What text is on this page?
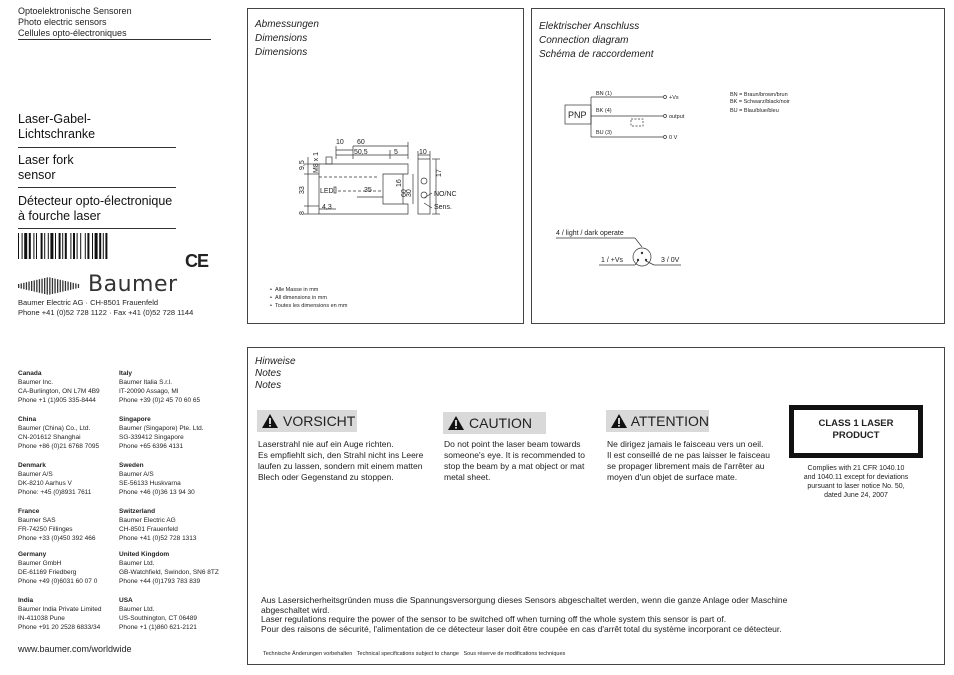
Optoelektronische Sensoren
Photo electric sensors
Cellules opto-électroniques
Laser-Gabel-
Lichtschranke
Laser fork
sensor
Détecteur opto-électronique
à fourche laser
CE
Baumer
Baumer Electric AG · CH-8501 Frauenfeld
Phone +41 (0)52 728 1122 · Fax +41 (0)52 728 1144
Canada
Baumer Inc.
CA-Burlington, ON L7M 4B9
Phone +1 (1)905 335-8444
Italy
Baumer Italia S.r.l.
IT-20090 Assago, MI
Phone +39 (0)2 45 70 60 65
China
Baumer (China) Co., Ltd.
CN-201612 Shanghai
Phone +86 (0)21 6768 7095
Singapore
Baumer (Singapore) Pte. Ltd.
SG-339412 Singapore
Phone +65 6396 4131
Denmark
Baumer A/S
DK-8210 Aarhus V
Phone: +45 (0)8931 7611
Sweden
Baumer A/S
SE-56133 Huskvarna
Phone +46 (0)36 13 94 30
France
Baumer SAS
FR-74250 Fillinges
Phone +33 (0)450 392 466
Switzerland
Baumer Electric AG
CH-8501 Frauenfeld
Phone +41 (0)52 728 1313
Germany
Baumer GmbH
DE-61169 Friedberg
Phone +49 (0)6031 60 07 0
United Kingdom
Baumer Ltd.
GB-Watchfield, Swindon, SN6 8TZ
Phone +44 (0)1793 783 839
India
Baumer India Private Limited
IN-411038 Pune
Phone +91 20 2528 6833/34
USA
Baumer Ltd.
US-Southington, CT 06489
Phone +1 (1)860 621-2121
www.baumer.com/worldwide
Abmessungen
Dimensions
Dimensions
10 60
50,5	5	10
LED	35
4,3
NO/NC
Sens.
9,5 M8 x 1
33
8
16
30
60
17
•  Alle Masse in mm
•  All dimensions in mm
•  Toutes les dimensions en mm
Elektrischer Anschluss
Connection diagram
Schéma de raccordement
PNP
BN (1)
BK (4)
BU (3)
+Vs
output
0 V
BN = Braun/brown/brun
BK = Schwarz/black/noir
BU = Blau/blue/bleu
4 / light / dark operate
1 / +Vs	3 / 0V
Hinweise
Notes
Notes
VORSICHT
Laserstrahl nie auf ein Auge richten.
Es empfiehlt sich, den Strahl nicht ins Leere
laufen zu lassen, sondern mit einem matten
Blech oder Gegenstand zu stoppen.
CAUTION
Do not point the laser beam towards
someone's eye. It is recommended to
stop the beam by a mat object or mat
metal sheet.
ATTENTION
Ne dirigez jamais le faisceau vers un oeil.
Il est conseillé de ne pas laisser le faisceau
se propager librement mais de l'arrêter au
moyen d'un objet de surface mate.
CLASS 1 LASER
PRODUCT
Complies with 21 CFR 1040.10
and 1040.11 except for deviations
pursuant to laser notice No. 50,
dated June 24, 2007
Aus Lasersicherheitsgründen muss die Spannungsversorgung dieses Sensors abgeschaltet werden, wenn die ganze Anlage oder Maschine
abgeschaltet wird.
Laser regulations require the power of the sensor to be switched off when turning off the whole system this sensor is part of.
Pour des raisons de sécurité, l'alimentation de ce détecteur laser doit être coupée en cas d'arrêt total du système incorporant ce détecteur.
Technische Änderungen vorbehalten   Technical specifications subject to change   Sous réserve de modifications techniques
